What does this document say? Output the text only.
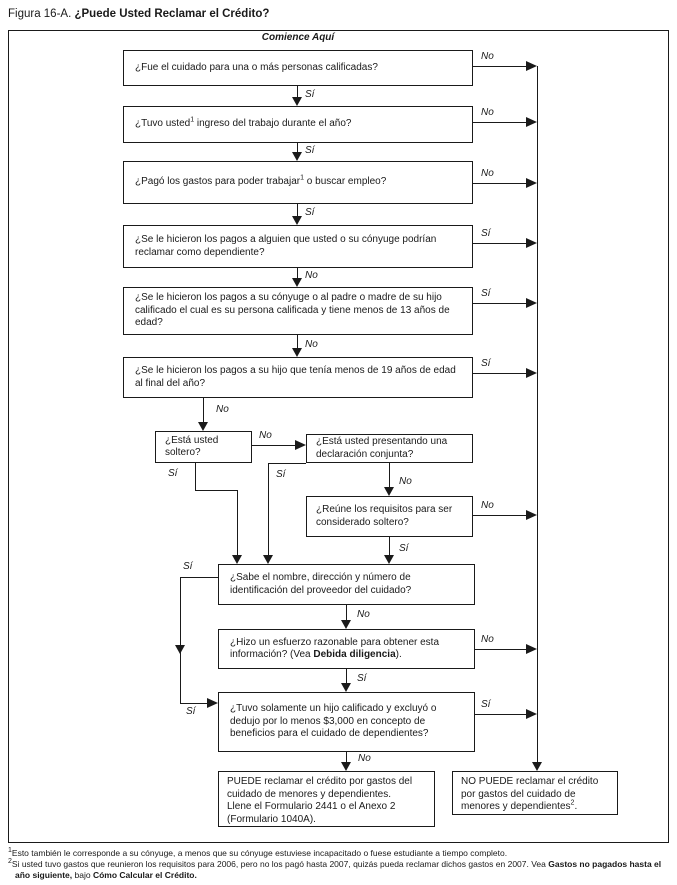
Figura 16-A. ¿Puede Usted Reclamar el Crédito?
Comience Aquí
¿Fue el cuidado para una o más personas calificadas?
¿Tuvo usted$^1$ ingreso del trabajo durante el año?
¿Pagó los gastos para poder trabajar$^1$ o buscar empleo?
¿Se le hicieron los pagos a alguien que usted o su cónyuge podrían reclamar como dependiente?
¿Se le hicieron los pagos a su cónyuge o al padre o madre de su hijo calificado el cual es su persona calificada y tiene menos de 13 años de edad?
¿Se le hicieron los pagos a su hijo que tenía menos de 19 años de edad al final del año?
¿Está usted soltero?
¿Está usted presentando una declaración conjunta?
¿Reúne los requisitos para ser considerado soltero?
¿Sabe el nombre, dirección y número de identificación del proveedor del cuidado?
¿Hizo un esfuerzo razonable para obtener esta información? (Vea Debida diligencia).
¿Tuvo solamente un hijo calificado y excluyó o dedujo por lo menos $3,000 en concepto de beneficios para el cuidado de dependientes?
PUEDE reclamar el crédito por gastos del cuidado de menores y dependientes.
Llene el Formulario 2441 o el Anexo 2 (Formulario 1040A).
NO PUEDE reclamar el crédito por gastos del cuidado de menores y dependientes$^2$.
No
No
No
Sí
Sí
Sí
No
No
Sí
Sí
Sí
Sí
No
No
No
No
Sí	Sí
No
Sí
No
Sí
Sí
Sí
No
$^1$Esto también le corresponde a su cónyuge, a menos que su cónyuge estuviese incapacitado o fuese estudiante a tiempo completo.
$^2$Si usted tuvo gastos que reunieron los requisitos para 2006, pero no los pagó hasta 2007, quizás pueda reclamar dichos gastos en 2007. Vea Gastos no pagados hasta el año siguiente, bajo Cómo Calcular el Crédito.
